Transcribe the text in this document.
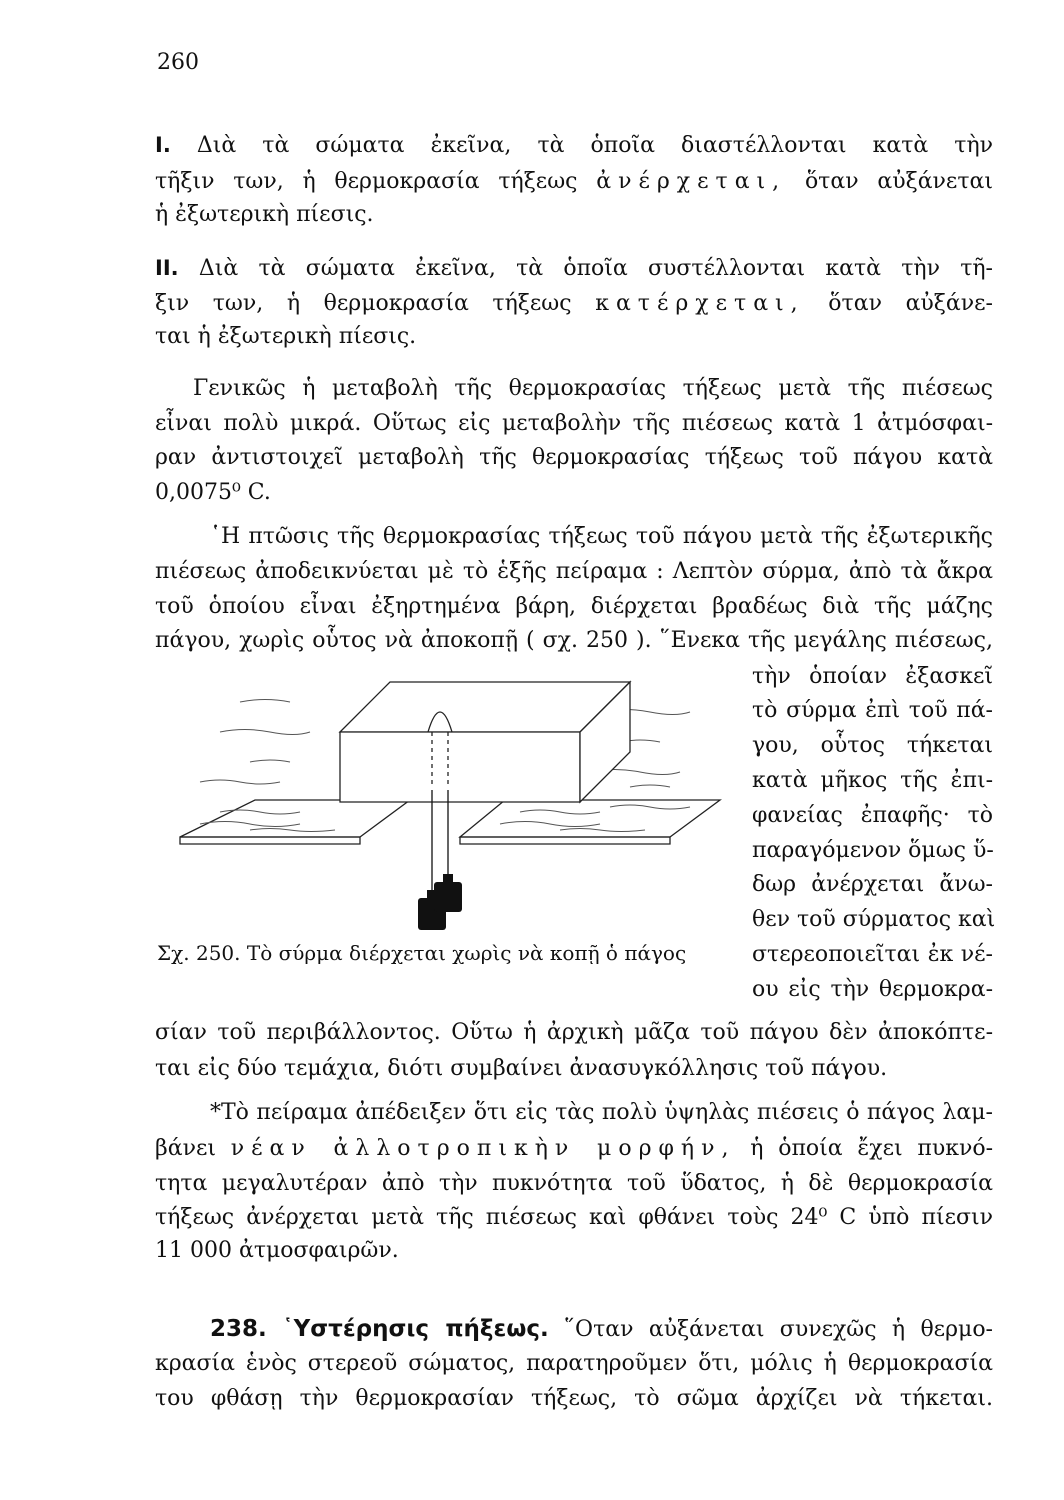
260
I. Διὰ τὰ σώματα ἐκεῖνα, τὰ ὁποῖα διαστέλλονται κατὰ τὴν
τῆξιν των, ἡ θερμοκρασία τήξεως ἀνέρχεται, ὅταν αὐξάνεται
ἡ ἐξωτερικὴ πίεσις.
II. Διὰ τὰ σώματα ἐκεῖνα, τὰ ὁποῖα συστέλλονται κατὰ τὴν τῆ-
ξιν των, ἡ θερμοκρασία τήξεως κατέρχεται, ὅταν αὐξάνε-
ται ἡ ἐξωτερικὴ πίεσις.
Γενικῶς ἡ μεταβολὴ τῆς θερμοκρασίας τήξεως μετὰ τῆς πιέσεως
εἶναι πολὺ μικρά. Οὕτως εἰς μεταβολὴν τῆς πιέσεως κατὰ 1 ἀτμόσφαι-
ραν ἀντιστοιχεῖ μεταβολὴ τῆς θερμοκρασίας τήξεως τοῦ πάγου κατὰ
0,0075⁰ C.
῾Η πτῶσις τῆς θερμοκρασίας τήξεως τοῦ πάγου μετὰ τῆς ἐξωτερικῆς
πιέσεως ἀποδεικνύεται μὲ τὸ ἑξῆς πείραμα : Λεπτὸν σύρμα, ἀπὸ τὰ ἄκρα
τοῦ ὁποίου εἶναι ἐξηρτημένα βάρη, διέρχεται βραδέως διὰ τῆς μάζης
πάγου, χωρὶς οὗτος νὰ ἀποκοπῇ ( σχ. 250 ). ῞Ενεκα τῆς μεγάλης πιέσεως,
τὴν ὁποίαν ἐξασκεῖ
τὸ σύρμα ἐπὶ τοῦ πά-
γου, οὗτος τήκεται
κατὰ μῆκος τῆς ἐπι-
φανείας ἐπαφῆς· τὸ
παραγόμενον ὅμως ὕ-
δωρ ἀνέρχεται ἄνω-
θεν τοῦ σύρματος καὶ
στερεοποιεῖται ἐκ νέ-
ου εἰς τὴν θερμοκρα-
Σχ. 250. Τὸ σύρμα διέρχεται χωρὶς νὰ κοπῇ ὁ πάγος
σίαν τοῦ περιβάλλοντος. Οὕτω ἡ ἀρχικὴ μᾶζα τοῦ πάγου δὲν ἀποκόπτε-
ται εἰς δύο τεμάχια, διότι συμβαίνει ἀνασυγκόλλησις τοῦ πάγου.
*Τὸ πείραμα ἀπέδειξεν ὅτι εἰς τὰς πολὺ ὑψηλὰς πιέσεις ὁ πάγος λαμ-
βάνει νέαν ἀλλοτροπικὴν μορφήν, ἡ ὁποία ἔχει πυκνό-
τητα μεγαλυτέραν ἀπὸ τὴν πυκνότητα τοῦ ὕδατος, ἡ δὲ θερμοκρασία
τήξεως ἀνέρχεται μετὰ τῆς πιέσεως καὶ φθάνει τοὺς 24⁰ C ὑπὸ πίεσιν
11 000 ἀτμοσφαιρῶν.
238. ῾Υστέρησις πήξεως. ῞Οταν αὐξάνεται συνεχῶς ἡ θερμο-
κρασία ἑνὸς στερεοῦ σώματος, παρατηροῦμεν ὅτι, μόλις ἡ θερμοκρασία
του φθάσῃ τὴν θερμοκρασίαν τήξεως, τὸ σῶμα ἀρχίζει νὰ τήκεται.
